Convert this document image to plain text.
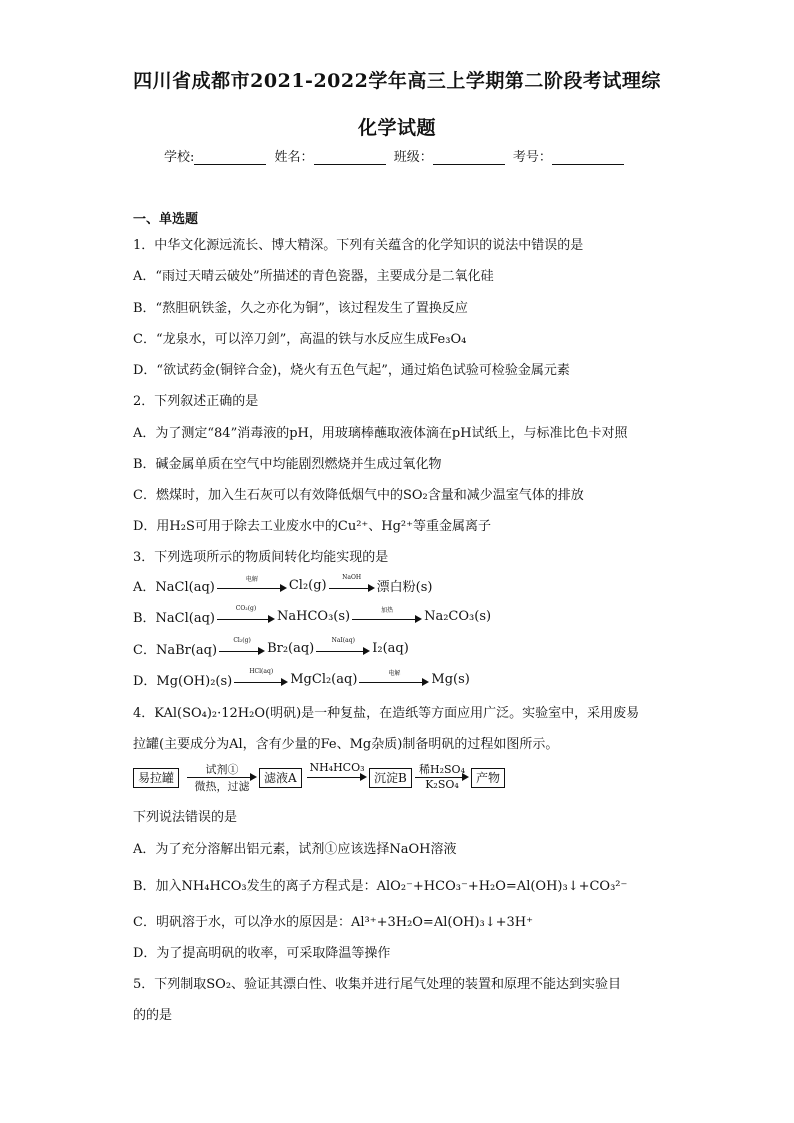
四川省成都市2021-2022学年高三上学期第二阶段考试理综
化学试题
学校:	姓名：	班级：	考号：
一、单选题
1．中华文化源远流长、博大精深。下列有关蕴含的化学知识的说法中错误的是
A．“雨过天晴云破处”所描述的青色瓷器，主要成分是二氧化硅
B．“熬胆矾铁釜，久之亦化为铜”，该过程发生了置换反应
C．“龙泉水，可以淬刀剑”，高温的铁与水反应生成Fe₃O₄
D．“欲试药金(铜锌合金)，烧火有五色气起”，通过焰色试验可检验金属元素
2．下列叙述正确的是
A．为了测定“84”消毒液的pH，用玻璃棒蘸取液体滴在pH试纸上，与标准比色卡对照
B．碱金属单质在空气中均能剧烈燃烧并生成过氧化物
C．燃煤时，加入生石灰可以有效降低烟气中的SO₂含量和减少温室气体的排放
D．用H₂S可用于除去工业废水中的Cu²⁺、Hg²⁺等重金属离子
3．下列选项所示的物质间转化均能实现的是
A．NaCl(aq)
电解	Cl₂(g)
NaOH
漂白粉(s)
B．NaCl(aq)
CO₂(g)
NaHCO₃(s)	加热	Na₂CO₃(s)
C．NaBr(aq)
Cl₂(g)
Br₂(aq)
NaI(aq)
I₂(aq)
D．Mg(OH)₂(s)
HCl(aq)
MgCl₂(aq)	电解	Mg(s)
4．KAl(SO₄)₂·12H₂O(明矾)是一种复盐，在造纸等方面应用广泛。实验室中，采用废易
拉罐(主要成分为Al，含有少量的Fe、Mg杂质)制备明矾的过程如图所示。
易拉罐
试剂①
微热，过滤
滤液A
NH₄HCO₃
沉淀B
稀H₂SO₄
K₂SO₄	产物
下列说法错误的是
A．为了充分溶解出铝元素，试剂①应该选择NaOH溶液
B．加入NH₄HCO₃发生的离子方程式是：AlO₂⁻+HCO₃⁻+H₂O=Al(OH)₃↓+CO₃²⁻
C．明矾溶于水，可以净水的原因是：Al³⁺+3H₂O=Al(OH)₃↓+3H⁺
D．为了提高明矾的收率，可采取降温等操作
5．下列制取SO₂、验证其漂白性、收集并进行尾气处理的装置和原理不能达到实验目
的的是
